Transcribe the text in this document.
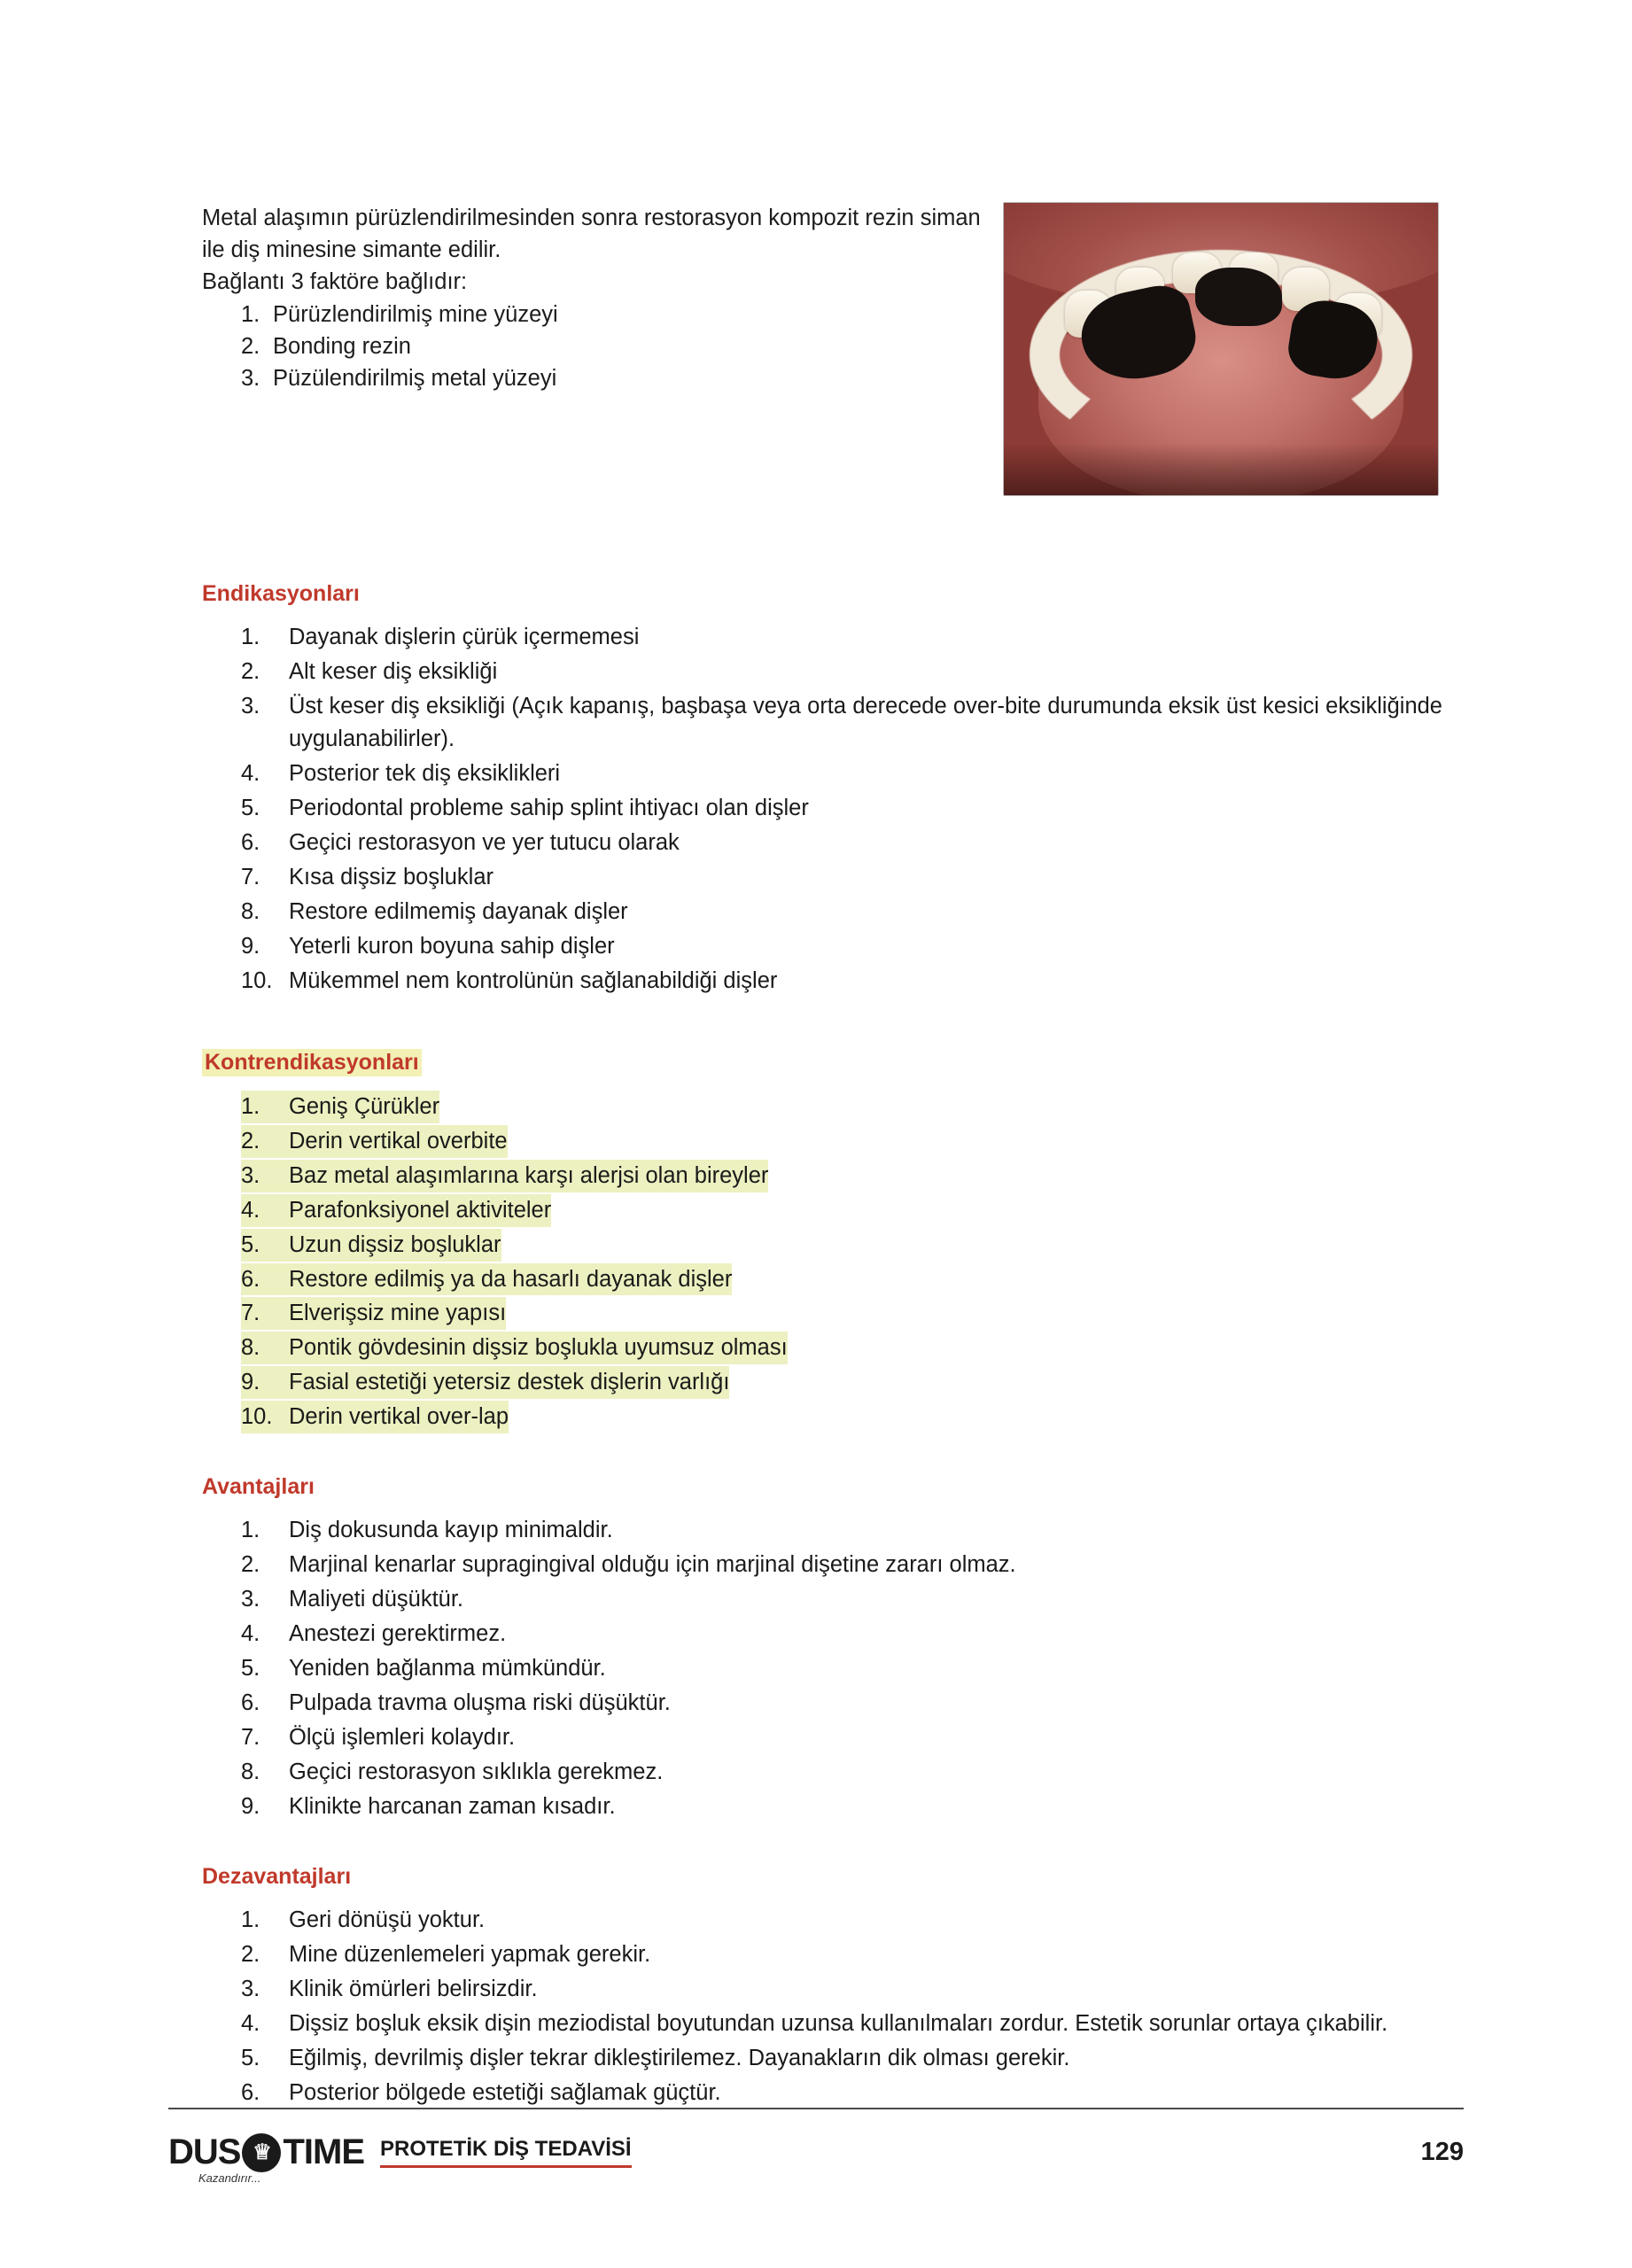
Metal alaşımın pürüzlendirilmesinden sonra restorasyon kompozit rezin siman ile diş minesine simante edilir.

Bağlantı 3 faktöre bağlıdır:

1. Pürüzlendirilmiş mine yüzeyi
2. Bonding rezin
3. Püzülendirilmiş metal yüzeyi
Endikasyonları
1.	Dayanak dişlerin çürük içermemesi
2.	Alt keser diş eksikliği
3.	Üst keser diş eksikliği (Açık kapanış, başbaşa veya orta derecede over-bite durumunda eksik üst kesici eksikliğinde uygulanabilirler).
4.	Posterior tek diş eksiklikleri
5.	Periodontal probleme sahip splint ihtiyacı olan dişler
6.	Geçici restorasyon ve yer tutucu olarak
7.	Kısa dişsiz boşluklar
8.	Restore edilmemiş dayanak dişler
9.	Yeterli kuron boyuna sahip dişler
10. Mükemmel nem kontrolünün sağlanabildiği dişler
Kontrendikasyonları
1.	Geniş Çürükler
2.	Derin vertikal overbite
3.	Baz metal alaşımlarına karşı alerjsi olan bireyler
4.	Parafonksiyonel aktiviteler
5.	Uzun dişsiz boşluklar
6.	Restore edilmiş ya da hasarlı dayanak dişler
7.	Elverişsiz mine yapısı
8.	Pontik gövdesinin dişsiz boşlukla uyumsuz olması
9.	Fasial estetiği yetersiz destek dişlerin varlığı
10. Derin vertikal over-lap
Avantajları
1.	Diş dokusunda kayıp minimaldir.
2.	Marjinal kenarlar supragingival olduğu için marjinal dişetine zararı olmaz.
3.	Maliyeti düşüktür.
4.	Anestezi gerektirmez.
5.	Yeniden bağlanma mümkündür.
6.	Pulpada travma oluşma riski düşüktür.
7.	Ölçü işlemleri kolaydır.
8.	Geçici restorasyon sıklıkla gerekmez.
9.	Klinikte harcanan zaman kısadır.
Dezavantajları
1.	Geri dönüşü yoktur.
2.	Mine düzenlemeleri yapmak gerekir.
3.	Klinik ömürleri belirsizdir.
4.	Dişsiz boşluk eksik dişin meziodistal boyutundan uzunsa kullanılmaları zordur. Estetik sorunlar ortaya çıkabilir.
5.	Eğilmiş, devrilmiş dişler tekrar dikleştirilemez. Dayanakların dik olması gerekir.
6.	Posterior bölgede estetiği sağlamak güçtür.
DUS ♕ TIME
Kazandırır...
PROTETİK DİŞ TEDAVİSİ	129
